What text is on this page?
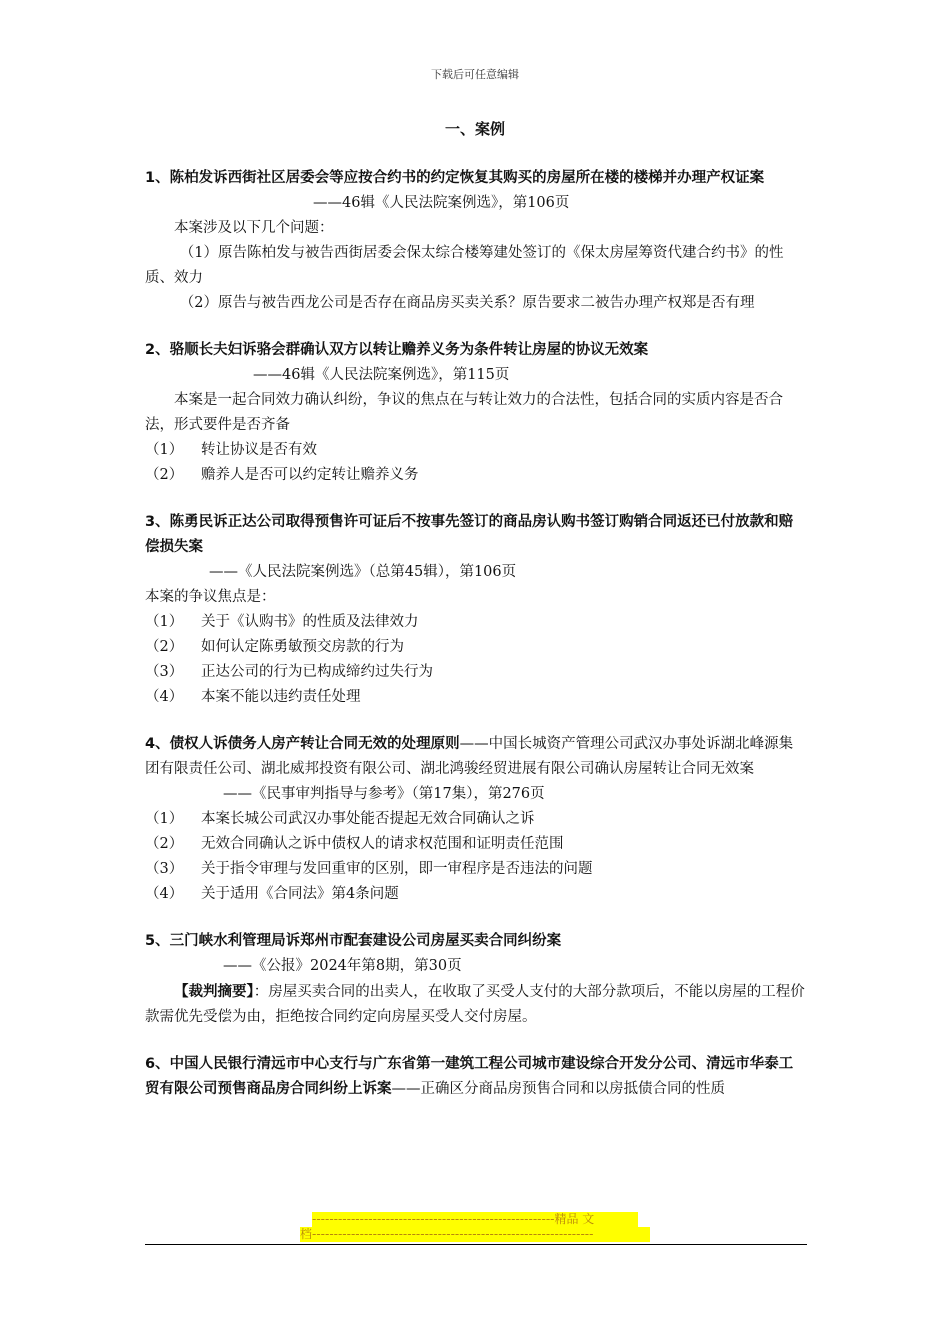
下载后可任意编辑
一、案例
1、陈柏发诉西街社区居委会等应按合约书的约定恢复其购买的房屋所在楼的楼梯并办理产权证案
——46辑《人民法院案例选》，第106页
本案涉及以下几个问题：
（1）原告陈柏发与被告西街居委会保太综合楼筹建处签订的《保太房屋筹资代建合约书》的性质、效力
（2）原告与被告西龙公司是否存在商品房买卖关系？原告要求二被告办理产权郑是否有理
2、骆顺长夫妇诉骆会群确认双方以转让赡养义务为条件转让房屋的协议无效案
——46辑《人民法院案例选》，第115页
本案是一起合同效力确认纠纷，争议的焦点在与转让效力的合法性，包括合同的实质内容是否合法，形式要件是否齐备
（1）	转让协议是否有效
（2）	赡养人是否可以约定转让赡养义务
3、陈勇民诉正达公司取得预售许可证后不按事先签订的商品房认购书签订购销合同返还已付放款和赔偿损失案
——《人民法院案例选》（总第45辑），第106页
本案的争议焦点是：
（1）	关于《认购书》的性质及法律效力
（2）	如何认定陈勇敏预交房款的行为
（3）	正达公司的行为已构成缔约过失行为
（4）	本案不能以违约责任处理
4、债权人诉债务人房产转让合同无效的处理原则——中国长城资产管理公司武汉办事处诉湖北峰源集团有限责任公司、湖北威邦投资有限公司、湖北鸿骏经贸进展有限公司确认房屋转让合同无效案
——《民事审判指导与参考》（第17集），第276页
（1）	本案长城公司武汉办事处能否提起无效合同确认之诉
（2）	无效合同确认之诉中债权人的请求权范围和证明责任范围
（3）	关于指令审理与发回重审的区别，即一审程序是否违法的问题
（4）	关于适用《合同法》第4条问题
5、三门峡水利管理局诉郑州市配套建设公司房屋买卖合同纠纷案
——《公报》2024年第8期，第30页
【裁判摘要】：房屋买卖合同的出卖人，在收取了买受人支付的大部分款项后，不能以房屋的工程价款需优先受偿为由，拒绝按合同约定向房屋买受人交付房屋。
6、中国人民银行清远市中心支行与广东省第一建筑工程公司城市建设综合开发分公司、清远市华泰工贸有限公司预售商品房合同纠纷上诉案——正确区分商品房预售合同和以房抵债合同的性质
--------------------------------------------------------精品 文
档-----------------------------------------------------------------
